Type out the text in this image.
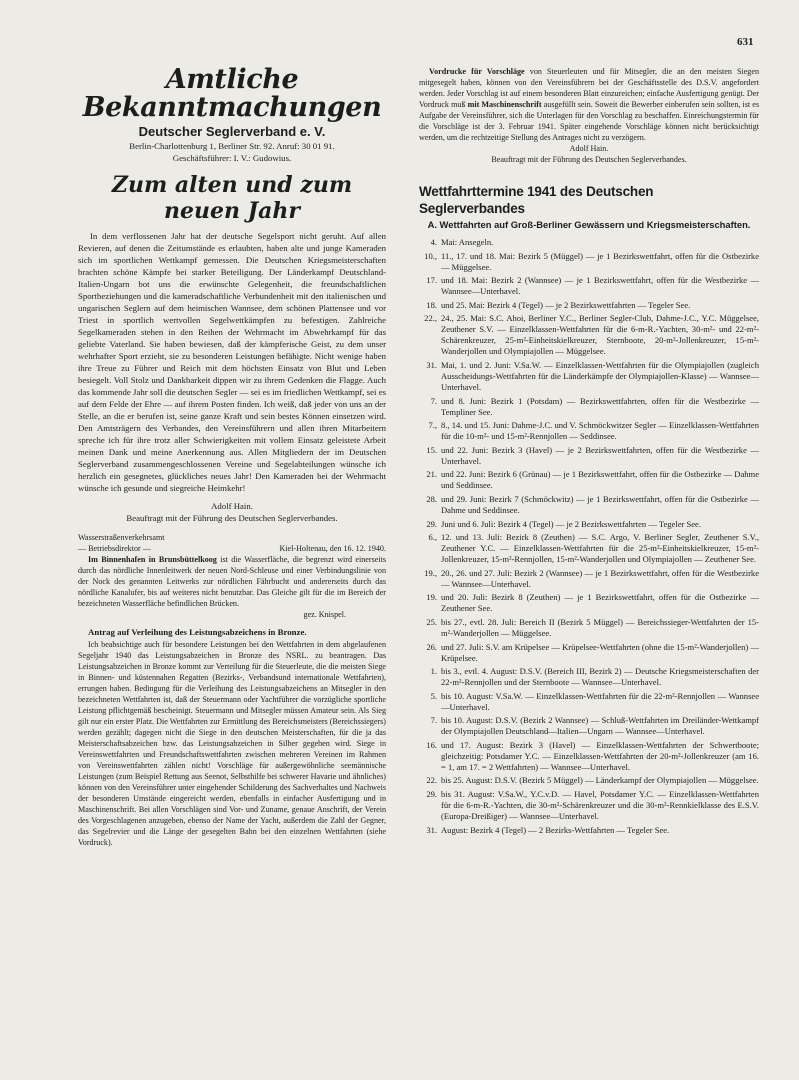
631
Amtliche Bekanntmachungen
Deutscher Seglerverband e. V.

Berlin-Charlottenburg 1, Berliner Str. 92. Anruf: 30 01 91.

Geschäftsführer: I. V.: Gudowius.

Zum alten und zum neuen Jahr

In dem verflossenen Jahr hat der deutsche Segelsport nicht geruht. Auf allen Revieren, auf denen die Zeitumstände es erlaubten, haben alte und junge Kameraden sich im sportlichen Wettkampf gemessen. Die Deutschen Kriegsmeisterschaften brachten schöne Kämpfe bei starker Beteiligung. Der Länderkampf Deutschland-Italien-Ungarn bot uns die erwünschte Gelegenheit, die freundschaftlichen Sportbeziehungen und die kameradschaftliche Verbundenheit mit den italienischen und ungarischen Seglern auf dem heimischen Wannsee, dem schönen Plattensee und vor Triest in sportlich wertvollen Segelwettkämpfen zu befestigen. Zahlreiche Segelkameraden stehen in den Reihen der Wehrmacht im Abwehrkampf für das geliebte Vaterland. Sie haben bewiesen, daß der kämpferische Geist, zu dem unser wehrhafter Sport erzieht, sie zu besonderen Leistungen befähigte. Nicht wenige haben ihre Treue zu Führer und Reich mit dem höchsten Einsatz von Blut und Leben besiegelt. Voll Stolz und Dankbarkeit dippen wir zu ihrem Gedenken die Flagge. Auch das kommende Jahr soll die deutschen Segler — sei es im friedlichen Wettkampf, sei es auf dem Felde der Ehre — auf ihrem Posten finden. Ich weiß, daß jeder von uns an der Stelle, an die er berufen ist, seine ganze Kraft und sein bestes Können einsetzen wird. Den Amtsträgern des Verbandes, den Vereinsführern und allen ihren Mitarbeitern spreche ich für ihre trotz aller Schwierigkeiten mit vollem Einsatz geleistete Arbeit meinen Dank und meine Anerkennung aus. Allen Mitgliedern der im Deutschen Seglerverband zusammengeschlossenen Vereine und Segelabteilungen wünsche ich herzlich ein gesegnetes, glückliches neues Jahr! Den Kameraden bei der Wehrmacht wünsche ich gesunde und siegreiche Heimkehr!

Adolf Hain.

Beauftragt mit der Führung des Deutschen Seglerverbandes.

Wasserstraßenverkehrsamt
— Betriebsdirektor —	Kiel-Holtenau, den 16. 12. 1940.

Im Binnenhafen in Brunsbüttelkoog ist die Wasserfläche, die begrenzt wird einerseits durch das nördliche Innenleitwerk der neuen Nord-Schleuse und einer Verbindungslinie von der Nock des genannten Leitwerks zur nördlichen Fährbucht und andererseits durch das nördliche Kanalufer, bis auf weiteres nicht benutzbar. Das Gleiche gilt für die im Bereich der bezeichneten Wasserfläche befindlichen Brücken.

gez. Knispel.

Antrag auf Verleihung des Leistungsabzeichens in Bronze.

Ich beabsichtige auch für besondere Leistungen bei den Wettfahrten in dem abgelaufenen Segeljahr 1940 das Leistungsabzeichen in Bronze des NSRL. zu beantragen. Das Leistungsabzeichen in Bronze kommt zur Verteilung für die Steuerleute, die die meisten Siege in Binnen- und küstennahen Regatten (Bezirks-, Verbandsund internationale Wettfahrten), errungen haben. Bedingung für die Verleihung des Leistungsabzeichens an Mitsegler in den bezeichneten Wettfahrten ist, daß der Steuermann oder Yachtführer die vorzügliche sportliche Leistung pflichtgemäß bescheinigt. Steuermann und Mitsegler müssen Amateur sein. Als Sieg gilt nur ein erster Platz. Die Wettfahrten zur Ermittlung des Bereichsmeisters (Bereichssiegers) werden gezählt; dagegen nicht die Siege in den deutschen Meisterschaften, für die ja das Meisterschaftsabzeichen bzw. das Leistungsabzeichen in Silber gegeben wird. Siege in Vereinswettfahrten und Freundschaftswettfahrten zwischen mehreren Vereinen im Rahmen von Vereinswettfahrten zählen nicht! Vorschläge für außergewöhnliche seemännische Leistungen (zum Beispiel Rettung aus Seenot, Selbsthilfe bei schwerer Havarie und ähnliches) können von den Vereinsführer unter eingehender Schilderung des Sachverhaltes und Nachweis der besonderen Umstände eingereicht werden, ebenfalls in einfacher Ausfertigung und in Maschinenschrift. Bei allen Vorschlägen sind Vor- und Zuname, genaue Anschrift, der Verein des Vorgeschlagenen anzugeben, ebenso der Name der Yacht, außerdem die Zahl der Gegner, das Segelrevier und die Länge der gesegelten Bahn bei den einzelnen Wettfahrten (siehe Vordruck).

Vordrucke für Vorschläge von Steuerleuten und für Mitsegler, die an den meisten Siegen mitgesegelt haben, können von den Vereinsführern bei der Geschäftsstelle des D.S.V. angefordert werden. Jeder Vorschlag ist auf einem besonderen Blatt einzureichen; einfache Ausfertigung genügt. Der Vordruck muß mit Maschinenschrift ausgefüllt sein. Soweit die Bewerber einberufen sein sollten, ist es Aufgabe der Vereinsführer, sich die Unterlagen für den Vorschlag zu beschaffen. Einreichungstermin für die Vorschläge ist der 3. Februar 1941. Später eingehende Vorschläge können nicht berücksichtigt werden, um die rechtzeitige Stellung des Antrages nicht zu verzögern.

Adolf Hain.

Beauftragt mit der Führung des Deutschen Seglerverbandes.

Wettfahrttermine 1941 des Deutschen Seglerverbandes
A. Wettfahrten auf Groß-Berliner Gewässern und Kriegsmeisterschaften.
4. Mai: Ansegeln.
10., 11., 17. und 18. Mai: Bezirk 5 (Müggel) — je 1 Bezirkswettfahrt, offen für die Ostbezirke — Müggelsee.
17. und 18. Mai: Bezirk 2 (Wannsee) — je 1 Bezirkswettfahrt, offen für die Westbezirke — Wannsee—Unterhavel.
18. und 25. Mai: Bezirk 4 (Tegel) — je 2 Bezirkswettfahrten — Tegeler See.
22., 24., 25. Mai: S.C. Ahoi, Berliner Y.C., Berliner Segler-Club, Dahme-J.C., Y.C. Müggelsee, Zeuthener S.V. — Einzelklassen-Wettfahrten für die 6-m-R.-Yachten, 30-m²- und 22-m²-Schärenkreuzer, 25-m²-Einheitskielkreuzer, Sternboote, 20-m²-Jollenkreuzer, 15-m²-Wanderjollen und Olympiajollen — Müggelsee.
31. Mai, 1. und 2. Juni: V.Sa.W. — Einzelklassen-Wettfahrten für die Olympiajollen (zugleich Ausscheidungs-Wettfahrten für die Länderkämpfe der Olympiajollen-Klasse) — Wannsee—Unterhavel.
7. und 8. Juni: Bezirk 1 (Potsdam) — Bezirkswettfahrten, offen für die Westbezirke — Templiner See.
7., 8., 14. und 15. Juni: Dahme-J.C. und V. Schmöckwitzer Segler — Einzelklassen-Wettfahrten für die 10-m²- und 15-m²-Rennjollen — Seddinsee.
15. und 22. Juni: Bezirk 3 (Havel) — je 2 Bezirkswettfahrten, offen für die Westbezirke — Unterhavel.
21. und 22. Juni: Bezirk 6 (Grünau) — je 1 Bezirkswettfahrt, offen für die Ostbezirke — Dahme und Seddinsee.
28. und 29. Juni: Bezirk 7 (Schmöckwitz) — je 1 Bezirkswettfahrt, offen für die Ostbezirke — Dahme und Seddinsee.
29. Juni und 6. Juli: Bezirk 4 (Tegel) — je 2 Bezirkswettfahrten — Tegeler See.
6., 12. und 13. Juli: Bezirk 8 (Zeuthen) — S.C. Argo, V. Berliner Segler, Zeuthener S.V., Zeuthener Y.C. — Einzelklassen-Wettfahrten für die 25-m²-Einheitskielkreuzer, 15-m²-Jollenkreuzer, 15-m²-Rennjollen, 15-m²-Wanderjollen und Olympiajollen — Zeuthener See.
19., 20., 26. und 27. Juli: Bezirk 2 (Wannsee) — je 1 Bezirkswettfahrt, offen für die Westbezirke — Wannsee—Unterhavel.
19. und 20. Juli: Bezirk 8 (Zeuthen) — je 1 Bezirkswettfahrt, offen für die Ostbezirke — Zeuthener See.
25. bis 27., evtl. 28. Juli: Bereich II (Bezirk 5 Müggel) — Bereichssieger-Wettfahrten der 15-m²-Wanderjollen — Müggelsee.
26. und 27. Juli: S.V. am Krüpelsee — Krüpelsee-Wettfahrten (ohne die 15-m²-Wanderjollen) — Krüpelsee.
1. bis 3., evtl. 4. August: D.S.V. (Bereich III, Bezirk 2) — Deutsche Kriegsmeisterschaften der 22-m²-Rennjollen und der Sternboote — Wannsee—Unterhavel.
5. bis 10. August: V.Sa.W. — Einzelklassen-Wettfahrten für die 22-m²-Rennjollen — Wannsee—Unterhavel.
7. bis 10. August: D.S.V. (Bezirk 2 Wannsee) — Schluß-Wettfahrten im Dreiländer-Wettkampf der Olympiajollen Deutschland—Italien—Ungarn — Wannsee—Unterhavel.
16. und 17. August: Bezirk 3 (Havel) — Einzelklassen-Wettfahrten der Schwertboote; gleichzeitig: Potsdamer Y.C. — Einzelklassen-Wettfahrten der 20-m²-Jollenkreuzer (am 16. = 1, am 17. = 2 Wettfahrten) — Wannsee—Unterhavel.
22. bis 25. August: D.S.V. (Bezirk 5 Müggel) — Länderkampf der Olympiajollen — Müggelsee.
29. bis 31. August: V.Sa.W., Y.C.v.D. — Havel, Potsdamer Y.C. — Einzelklassen-Wettfahrten für die 6-m-R.-Yachten, die 30-m²-Schärenkreuzer und die 30-m²-Rennkielklasse des E.S.V. (Europa-Dreißiger) — Wannsee—Unterhavel.
31. August: Bezirk 4 (Tegel) — 2 Bezirks-Wettfahrten — Tegeler See.
